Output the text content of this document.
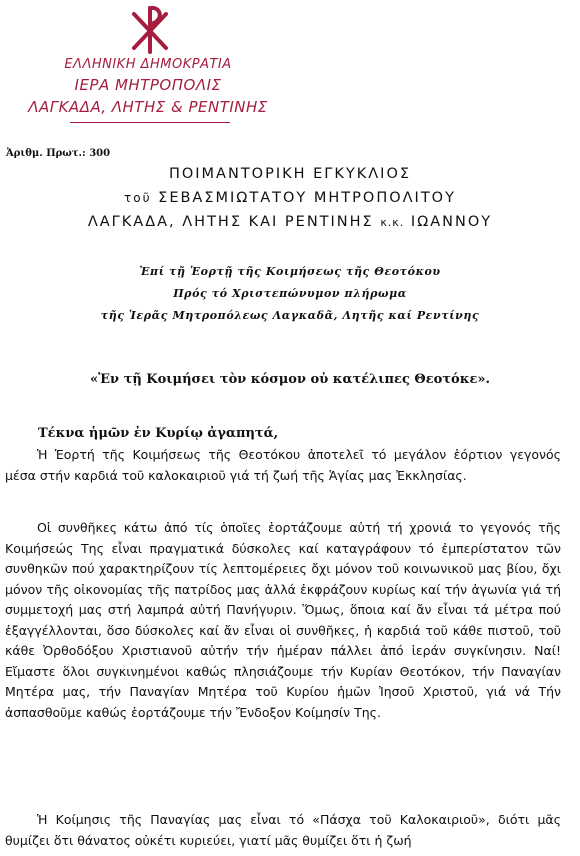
ΕΛΛΗΝΙΚΗ ΔΗΜΟΚΡΑΤΙΑ
ΙΕΡΑ ΜΗΤΡΟΠΟΛΙΣ
ΛΑΓΚΑΔΑ, ΛΗΤΗΣ & ΡΕΝΤΙΝΗΣ
Ἀριθμ. Πρωτ.: 300
ΠΟΙΜΑΝΤΟΡΙΚΗ ΕΓΚΥΚΛΙΟΣ
τοῦ ΣΕΒΑΣΜΙΩΤΑΤΟΥ ΜΗΤΡΟΠΟΛΙΤΟΥ
ΛΑΓΚΑΔΑ, ΛΗΤΗΣ ΚΑΙ ΡΕΝΤΙΝΗΣ κ.κ. ΙΩΑΝΝΟΥ
Ἐπί τῇ Ἑορτῇ τῆς Κοιμήσεως τῆς Θεοτόκου
Πρός τό Χριστεπώνυμον πλήρωμα
τῆς Ἱερᾶς Μητροπόλεως Λαγκαδᾶ, Λητῆς καί Ρεντίνης
«Ἐν τῇ Κοιμήσει τὸν κόσμον οὐ κατέλιπες Θεοτόκε».
Τέκνα ἡμῶν ἐν Κυρίῳ ἀγαπητά,

Ἡ Ἑορτή τῆς Κοιμήσεως τῆς Θεοτόκου ἀποτελεῖ τό μεγάλον ἑόρτιον γεγονός μέσα στήν καρδιά τοῦ καλοκαιριοῦ γιά τή ζωή τῆς Ἁγίας μας Ἐκκλησίας.

Οἱ συνθῆκες κάτω ἀπό τίς ὁποῖες ἑορτάζουμε αὐτή τή χρονιά το γεγονός τῆς Κοιμήσεώς Της εἶναι πραγματικά δύσκολες καί καταγράφουν τό ἐμπερίστατον τῶν συνθηκῶν πού χαρακτηρίζουν τίς λεπτομέρειες ὄχι μόνον τοῦ κοινωνικοῦ μας βίου, ὄχι μόνον τῆς οἰκονομίας τῆς πατρίδος μας ἀλλά ἐκφράζουν κυρίως καί τήν ἀγωνία γιά τή συμμετοχή μας στή λαμπρά αὐτή Πανήγυριν. Ὅμως, ὅποια καί ἄν εἶναι τά μέτρα πού ἐξαγγέλλονται, ὅσο δύσκολες καί ἄν εἶναι οἱ συνθῆκες, ἡ καρδιά τοῦ κάθε πιστοῦ, τοῦ κάθε Ὀρθοδόξου Χριστιανοῦ αὐτήν τήν ἡμέραν πάλλει ἀπό ἱεράν συγκίνησιν. Ναί! Εἴμαστε ὅλοι συγκινημένοι καθώς πλησιάζουμε τήν Κυρίαν Θεοτόκον, τήν Παναγίαν Μητέρα μας, τήν Παναγίαν Μητέρα τοῦ Κυρίου ἡμῶν Ἰησοῦ Χριστοῦ, γιά νά Τήν ἀσπασθοῦμε καθώς ἑορτάζουμε τήν Ἔνδοξον Κοίμησίν Της.

Ἡ Κοίμησις τῆς Παναγίας μας εἶναι τό «Πάσχα τοῦ Καλοκαιριοῦ», διότι μᾶς θυμίζει ὅτι θάνατος οὐκέτι κυριεύει, γιατί μᾶς θυμίζει ὅτι ἡ ζωή
